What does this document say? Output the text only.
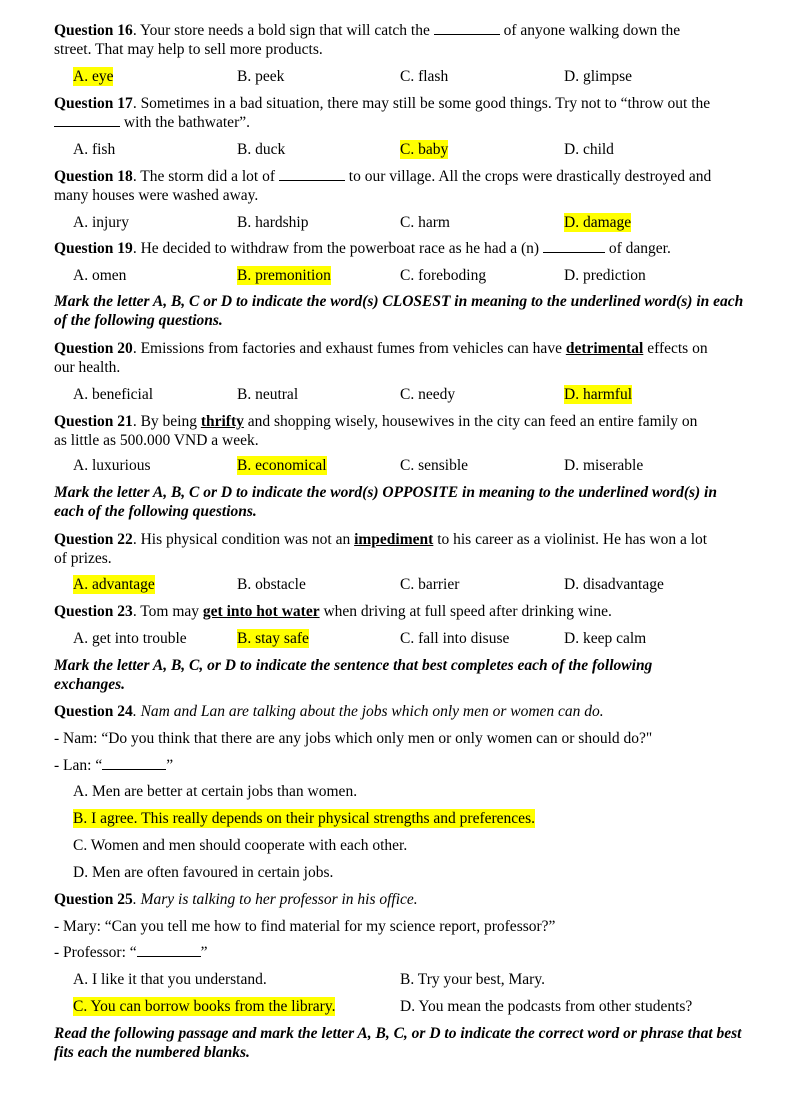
Question 16. Your store needs a bold sign that will catch the	of anyone walking down the
street. That may help to sell more products.
A. eye	B. peek	C. flash	D. glimpse
Question 17. Sometimes in a bad situation, there may still be some good things. Try not to “throw out the
with the bathwater”.
A. fish	B. duck	C. baby	D. child
Question 18. The storm did a lot of	to our village. All the crops were drastically destroyed and
many houses were washed away.
A. injury	B. hardship	C. harm	D. damage
Question 19. He decided to withdraw from the powerboat race as he had a (n)	of danger.
A. omen	B. premonition	C. foreboding	D. prediction
Mark the letter A, B, C or D to indicate the word(s) CLOSEST in meaning to the underlined word(s) in each of the following questions.
Question 20. Emissions from factories and exhaust fumes from vehicles can have detrimental effects on
our health.
A. beneficial	B. neutral	C. needy	D. harmful
Question 21. By being thrifty and shopping wisely, housewives in the city can feed an entire family on
as little as 500.000 VND a week.
A. luxurious	B. economical	C. sensible	D. miserable
Mark the letter A, B, C or D to indicate the word(s) OPPOSITE in meaning to the underlined word(s) in each of the following questions.
Question 22. His physical condition was not an impediment to his career as a violinist. He has won a lot
of prizes.
A. advantage	B. obstacle	C. barrier	D. disadvantage
Question 23. Tom may get into hot water when driving at full speed after drinking wine.
A. get into trouble	B. stay safe	C. fall into disuse	D. keep calm
Mark the letter A, B, C, or D to indicate the sentence that best completes each of the following exchanges.
Question 24. Nam and Lan are talking about the jobs which only men or women can do.
- Nam: “Do you think that there are any jobs which only men or only women can or should do?"
- Lan: “	”
A. Men are better at certain jobs than women.
B. I agree. This really depends on their physical strengths and preferences.
C. Women and men should cooperate with each other.
D. Men are often favoured in certain jobs.
Question 25. Mary is talking to her professor in his office.
- Mary: “Can you tell me how to find material for my science report, professor?”
- Professor: “	”
A. I like it that you understand.	B. Try your best, Mary.
C. You can borrow books from the library.	D. You mean the podcasts from other students?
Read the following passage and mark the letter A, B, C, or D to indicate the correct word or phrase that best fits each the numbered blanks.
